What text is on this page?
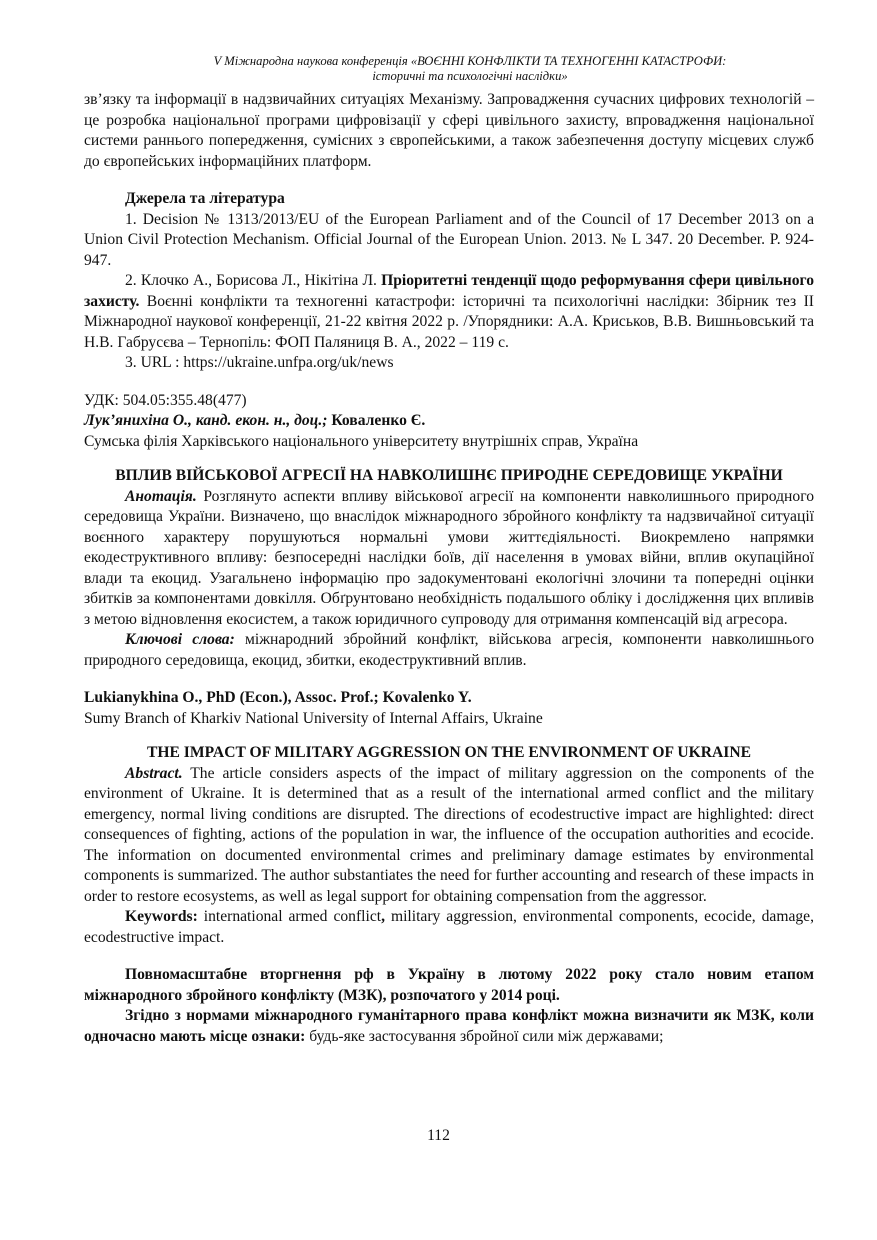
V Міжнародна наукова конференція «ВОЄННІ КОНФЛІКТИ ТА ТЕХНОГЕННІ КАТАСТРОФИ:
історичні та психологічні наслідки»

зв’язку та інформації в надзвичайних ситуаціях Механізму. Запровадження сучасних цифрових технологій – це розробка національної програми цифровізації у сфері цивільного захисту, впровадження національної системи раннього попередження, сумісних з європейськими, а також забезпечення доступу місцевих служб до європейських інформаційних платформ.

Джерела та література

1. Decision № 1313/2013/EU of the European Parliament and of the Council of 17 December 2013 on a Union Civil Protection Mechanism. Official Journal of the European Union. 2013. № L 347. 20 December. P. 924-947.

2. Клочко А., Борисова Л., Нікітіна Л. Пріоритетні тенденції щодо реформування сфери цивільного захисту. Воєнні конфлікти та техногенні катастрофи: історичні та психологічні наслідки: Збірник тез II Міжнародної наукової конференції, 21-22 квітня 2022 р. /Упорядники: А.А. Криськов, В.В. Вишньовський та Н.В. Габрусєва – Тернопіль: ФОП Паляниця В. А., 2022 – 119 с.

3. URL : https://ukraine.unfpa.org/uk/news

УДК: 504.05:355.48(477)

Лук’янихіна О., канд. екон. н., доц.; Коваленко Є.

Сумська філія Харківського національного університету внутрішніх справ, Україна

ВПЛИВ ВІЙСЬКОВОЇ АГРЕСІЇ НА НАВКОЛИШНЄ ПРИРОДНЕ СЕРЕДОВИЩЕ УКРАЇНИ

Анотація. Розглянуто аспекти впливу військової агресії на компоненти навколишнього природного середовища України. Визначено, що внаслідок міжнародного збройного конфлікту та надзвичайної ситуації воєнного характеру порушуються нормальні умови життєдіяльності. Виокремлено напрямки екодеструктивного впливу: безпосередні наслідки боїв, дії населення в умовах війни, вплив окупаційної влади та екоцид. Узагальнено інформацію про задокументовані екологічні злочини та попередні оцінки збитків за компонентами довкілля. Обґрунтовано необхідність подальшого обліку і дослідження цих впливів з метою відновлення екосистем, а також юридичного супроводу для отримання компенсацій від агресора.

Ключові слова: міжнародний збройний конфлікт, військова агресія, компоненти навколишнього природного середовища, екоцид, збитки, екодеструктивний вплив.

Lukianykhina O., PhD (Econ.), Assoc. Prof.; Kovalenko Y.

Sumy Branch of Kharkiv National University of Internal Affairs, Ukraine

THE IMPACT OF MILITARY AGGRESSION ON THE ENVIRONMENT OF UKRAINE

Abstract. The article considers aspects of the impact of military aggression on the components of the environment of Ukraine. It is determined that as a result of the international armed conflict and the military emergency, normal living conditions are disrupted. The directions of ecodestructive impact are highlighted: direct consequences of fighting, actions of the population in war, the influence of the occupation authorities and ecocide. The information on documented environmental crimes and preliminary damage estimates by environmental components is summarized. The author substantiates the need for further accounting and research of these impacts in order to restore ecosystems, as well as legal support for obtaining compensation from the aggressor.

Keywords: international armed conflict, military aggression, environmental components, ecocide, damage, ecodestructive impact.

Повномасштабне вторгнення рф в Україну в лютому 2022 року стало новим етапом міжнародного збройного конфлікту (МЗК), розпочатого у 2014 році.

Згідно з нормами міжнародного гуманітарного права конфлікт можна визначити як МЗК, коли одночасно мають місце ознаки: будь-яке застосування збройної сили між державами;

112
